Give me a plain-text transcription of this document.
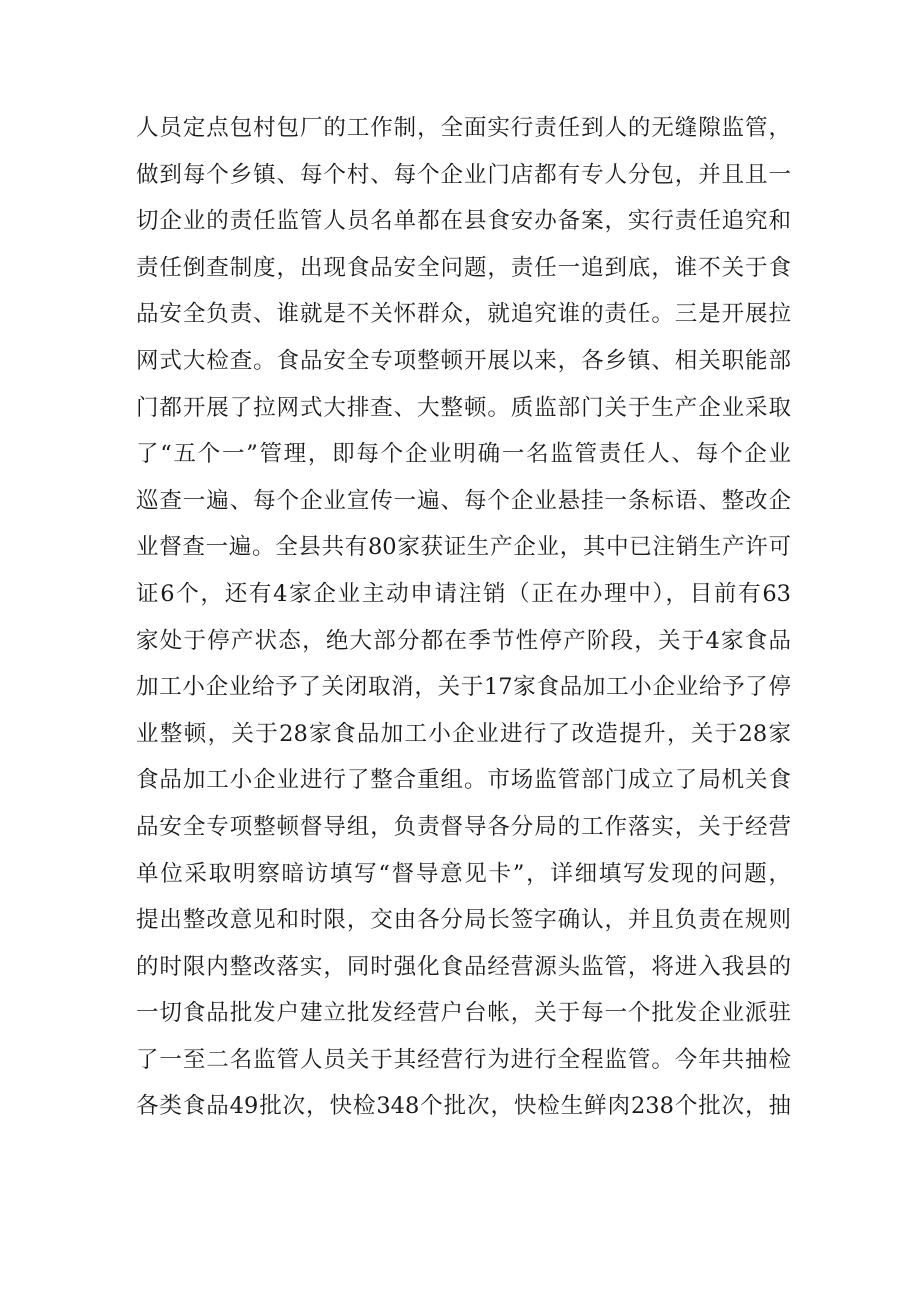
人员定点包村包厂的工作制，全面实行责任到人的无缝隙监管，
做到每个乡镇、每个村、每个企业门店都有专人分包，并且且一
切企业的责任监管人员名单都在县食安办备案，实行责任追究和
责任倒查制度，出现食品安全问题，责任一追到底，谁不关于食
品安全负责、谁就是不关怀群众，就追究谁的责任。三是开展拉
网式大检查。食品安全专项整顿开展以来，各乡镇、相关职能部
门都开展了拉网式大排查、大整顿。质监部门关于生产企业采取
了“五个一”管理，即每个企业明确一名监管责任人、每个企业
巡查一遍、每个企业宣传一遍、每个企业悬挂一条标语、整改企
业督查一遍。全县共有80家获证生产企业，其中已注销生产许可
证6个，还有4家企业主动申请注销（正在办理中），目前有63
家处于停产状态，绝大部分都在季节性停产阶段，关于4家食品
加工小企业给予了关闭取消，关于17家食品加工小企业给予了停
业整顿，关于28家食品加工小企业进行了改造提升，关于28家
食品加工小企业进行了整合重组。市场监管部门成立了局机关食
品安全专项整顿督导组，负责督导各分局的工作落实，关于经营
单位采取明察暗访填写“督导意见卡”，详细填写发现的问题，
提出整改意见和时限，交由各分局长签字确认，并且负责在规则
的时限内整改落实，同时强化食品经营源头监管，将进入我县的
一切食品批发户建立批发经营户台帐，关于每一个批发企业派驻
了一至二名监管人员关于其经营行为进行全程监管。今年共抽检
各类食品49批次，快检348个批次，快检生鲜肉238个批次，抽
